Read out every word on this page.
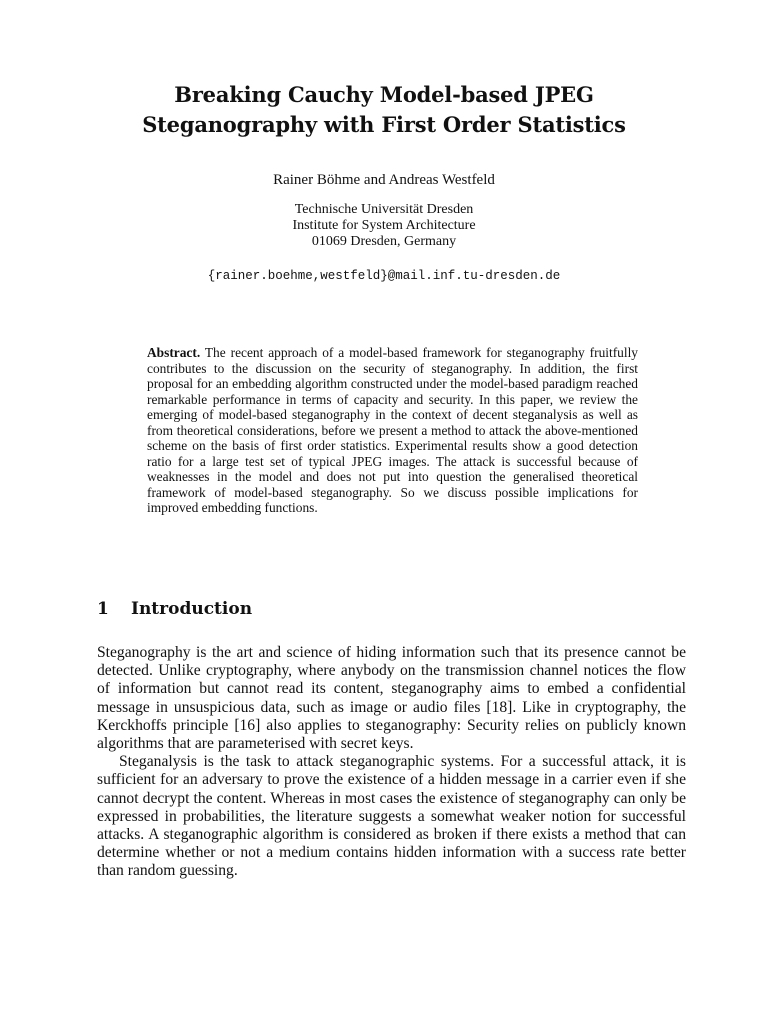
Breaking Cauchy Model-based JPEG
Steganography with First Order Statistics
Rainer Böhme and Andreas Westfeld
Technische Universität Dresden
Institute for System Architecture
01069 Dresden, Germany
{rainer.boehme,westfeld}@mail.inf.tu-dresden.de
Abstract. The recent approach of a model-based framework for steganography fruitfully contributes to the discussion on the security of steganography. In addition, the first proposal for an embedding algorithm constructed under the model-based paradigm reached remarkable performance in terms of capacity and security. In this paper, we review the emerging of model-based steganography in the context of decent steganalysis as well as from theoretical considerations, before we present a method to attack the above-mentioned scheme on the basis of first order statistics. Experimental results show a good detection ratio for a large test set of typical JPEG images. The attack is successful because of weaknesses in the model and does not put into question the generalised theoretical framework of model-based steganography. So we discuss possible implications for improved embedding functions.
1 Introduction

Steganography is the art and science of hiding information such that its presence cannot be detected. Unlike cryptography, where anybody on the transmission channel notices the flow of information but cannot read its content, steganography aims to embed a confidential message in unsuspicious data, such as image or audio files [18]. Like in cryptography, the Kerckhoffs principle [16] also applies to steganography: Security relies on publicly known algorithms that are parameterised with secret keys.

Steganalysis is the task to attack steganographic systems. For a successful attack, it is sufficient for an adversary to prove the existence of a hidden message in a carrier even if she cannot decrypt the content. Whereas in most cases the existence of steganography can only be expressed in probabilities, the literature suggests a somewhat weaker notion for successful attacks. A steganographic algorithm is considered as broken if there exists a method that can determine whether or not a medium contains hidden information with a success rate better than random guessing.
